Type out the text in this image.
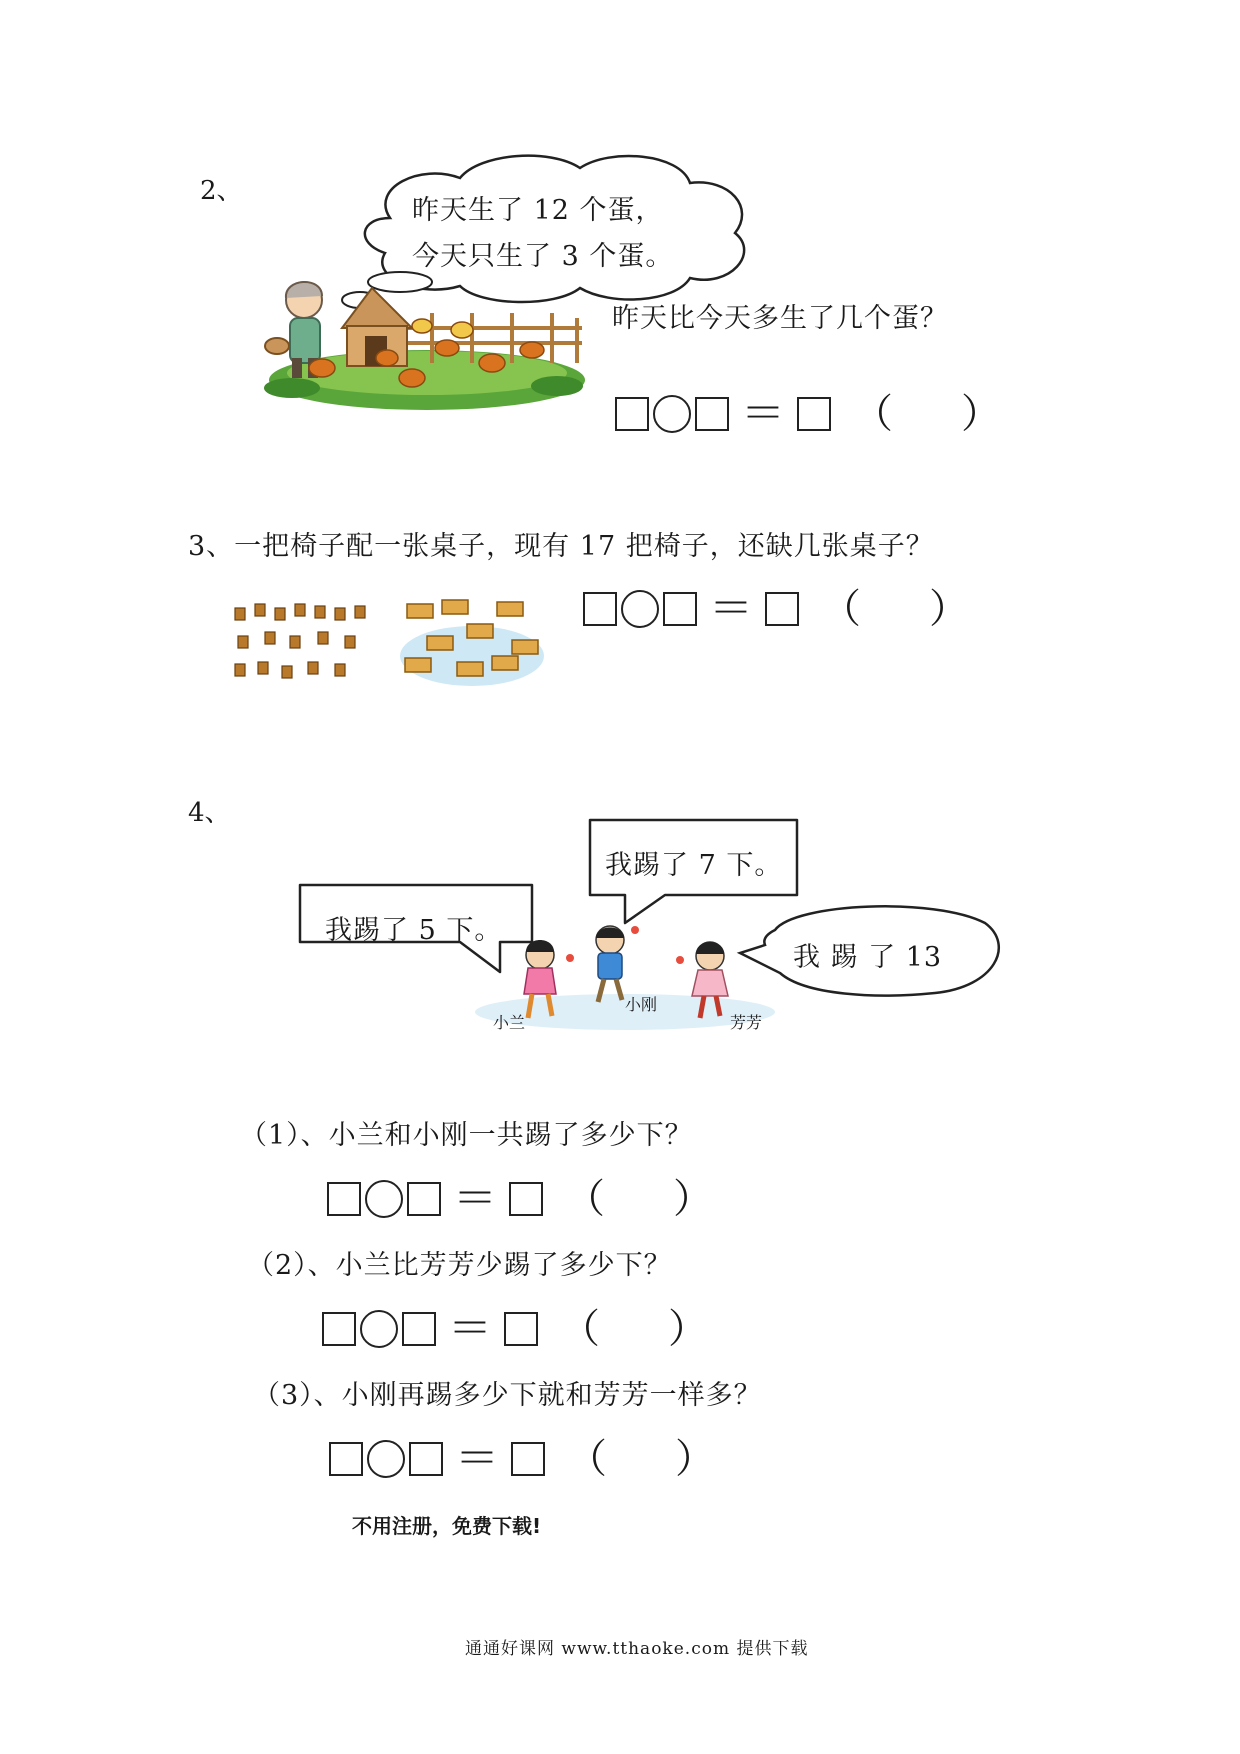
2、
昨天生了 12 个蛋，
今天只生了 3 个蛋。
昨天比今天多生了几个蛋？
＝ （ ）
3、一把椅子配一张桌子，现有 17 把椅子，还缺几张桌子？
＝ （ ）
4、
我踢了 5 下。
我踢了 7 下。
我 踢 了 13
小兰
小刚
芳芳
（1）、小兰和小刚一共踢了多少下？
＝ （ ）
（2）、小兰比芳芳少踢了多少下？
＝ （ ）
（3）、小刚再踢多少下就和芳芳一样多？
＝ （ ）
不用注册，免费下载!
通通好课网 www.tthaoke.com 提供下载
